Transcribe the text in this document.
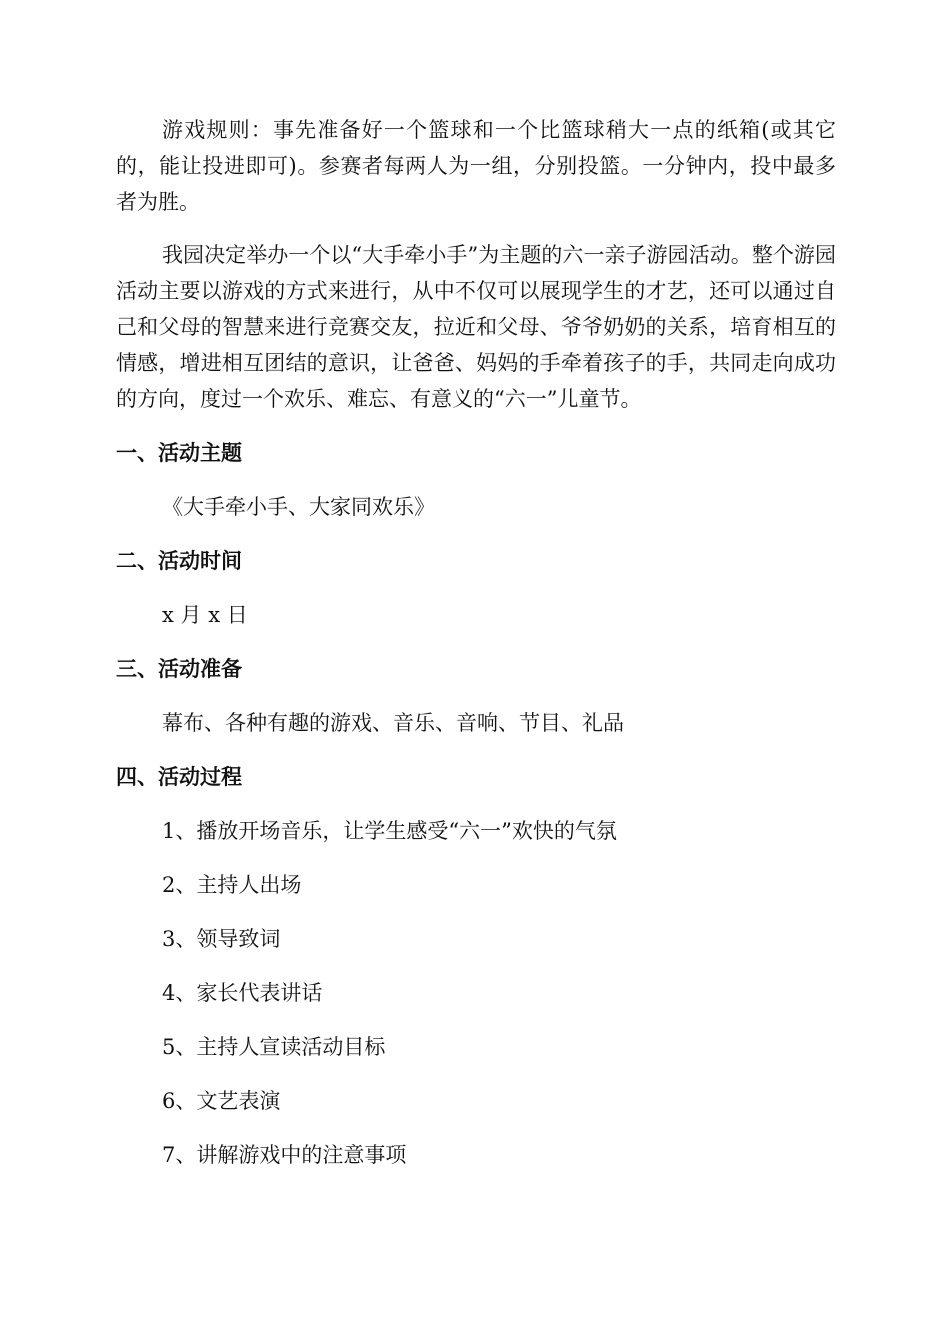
游戏规则：事先准备好一个篮球和一个比篮球稍大一点的纸箱(或其它的，能让投进即可)。参赛者每两人为一组，分别投篮。一分钟内，投中最多者为胜。

我园决定举办一个以“大手牵小手”为主题的六一亲子游园活动。整个游园活动主要以游戏的方式来进行，从中不仅可以展现学生的才艺，还可以通过自己和父母的智慧来进行竞赛交友，拉近和父母、爷爷奶奶的关系，培育相互的情感，增进相互团结的意识，让爸爸、妈妈的手牵着孩子的手，共同走向成功的方向，度过一个欢乐、难忘、有意义的“六一”儿童节。

一、活动主题
《大手牵小手、大家同欢乐》
二、活动时间
x 月 x 日
三、活动准备
幕布、各种有趣的游戏、音乐、音响、节目、礼品
四、活动过程
1、播放开场音乐，让学生感受“六一”欢快的气氛
2、主持人出场
3、领导致词
4、家长代表讲话
5、主持人宣读活动目标
6、文艺表演
7、讲解游戏中的注意事项
